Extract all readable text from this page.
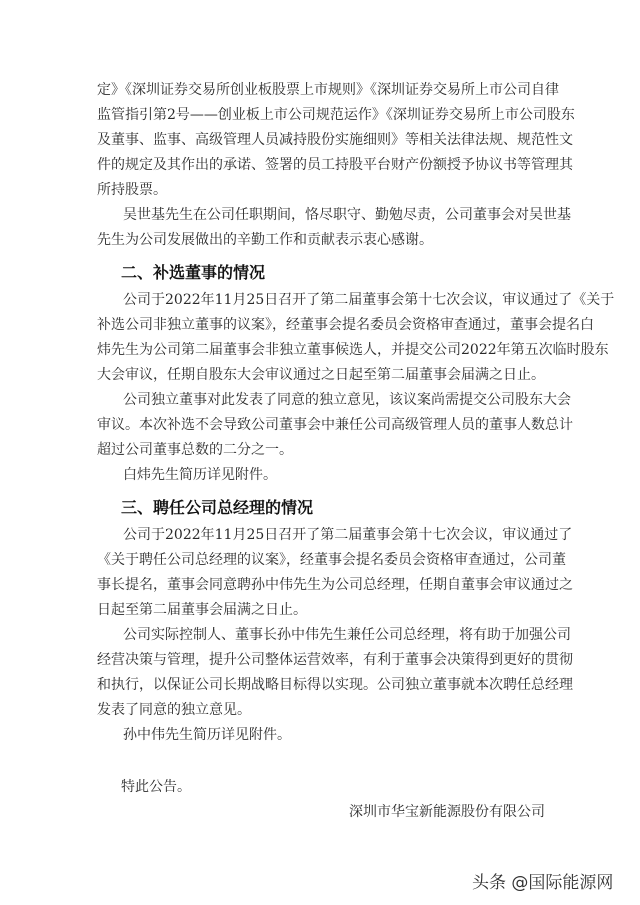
定》《深圳证券交易所创业板股票上市规则》《深圳证券交易所上市公司自律
监管指引第2号——创业板上市公司规范运作》《深圳证券交易所上市公司股东
及董事、监事、高级管理人员减持股份实施细则》等相关法律法规、规范性文
件的规定及其作出的承诺、签署的员工持股平台财产份额授予协议书等管理其
所持股票。
吴世基先生在公司任职期间，恪尽职守、勤勉尽责，公司董事会对吴世基
先生为公司发展做出的辛勤工作和贡献表示衷心感谢。
二、补选董事的情况
公司于2022年11月25日召开了第二届董事会第十七次会议，审议通过了《关于
补选公司非独立董事的议案》，经董事会提名委员会资格审查通过，董事会提名白
炜先生为公司第二届董事会非独立董事候选人，并提交公司2022年第五次临时股东
大会审议，任期自股东大会审议通过之日起至第二届董事会届满之日止。
公司独立董事对此发表了同意的独立意见，该议案尚需提交公司股东大会
审议。本次补选不会导致公司董事会中兼任公司高级管理人员的董事人数总计
超过公司董事总数的二分之一。
白炜先生简历详见附件。
三、聘任公司总经理的情况
公司于2022年11月25日召开了第二届董事会第十七次会议，审议通过了
《关于聘任公司总经理的议案》，经董事会提名委员会资格审查通过，公司董
事长提名，董事会同意聘孙中伟先生为公司总经理，任期自董事会审议通过之
日起至第二届董事会届满之日止。
公司实际控制人、董事长孙中伟先生兼任公司总经理，将有助于加强公司
经营决策与管理，提升公司整体运营效率，有利于董事会决策得到更好的贯彻
和执行，以保证公司长期战略目标得以实现。公司独立董事就本次聘任总经理
发表了同意的独立意见。
孙中伟先生简历详见附件。
特此公告。
深圳市华宝新能源股份有限公司
头条 @国际能源网
